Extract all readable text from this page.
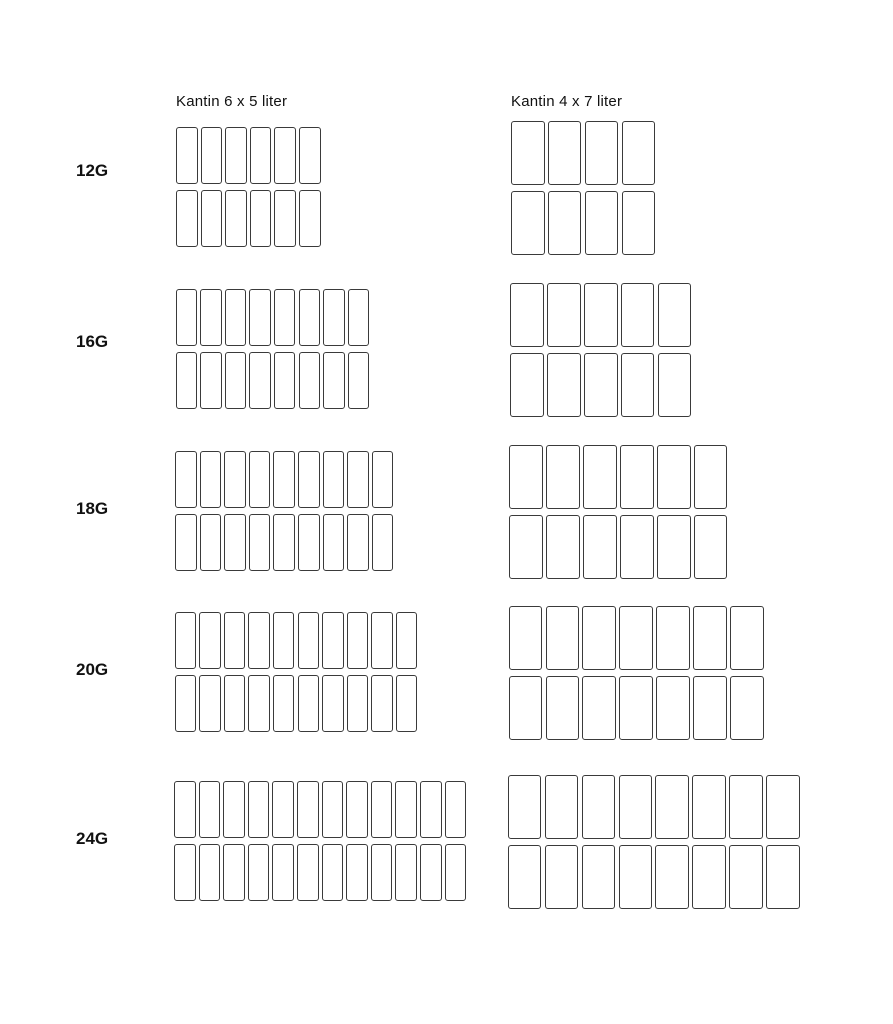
Kantin 6 x 5 liter	Kantin 4 x 7 liter
12G
16G
18G
20G
24G
